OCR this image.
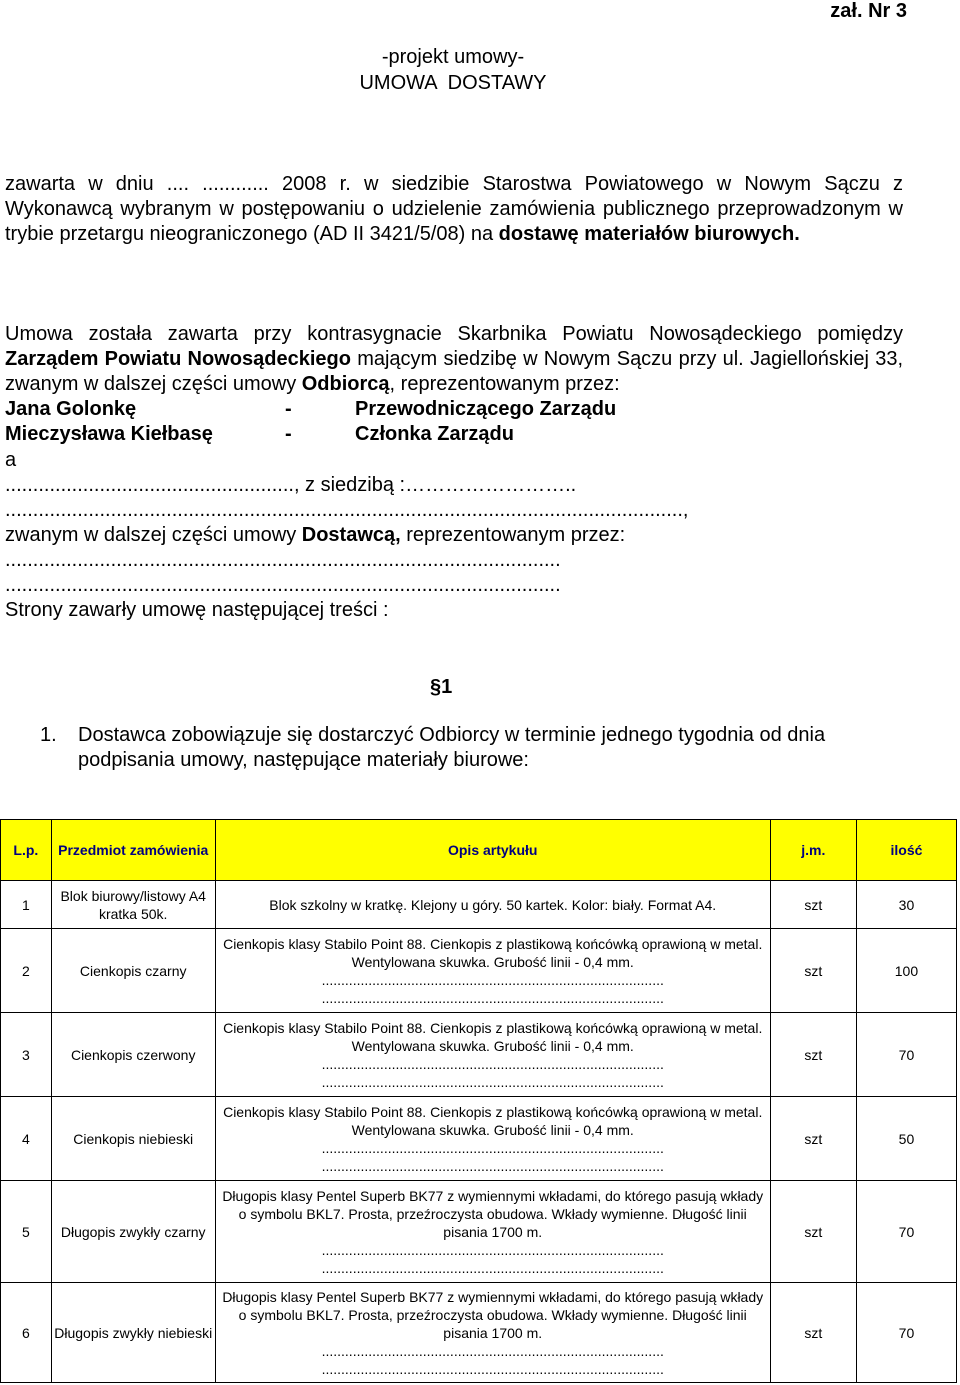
zał. Nr 3
-projekt umowy-
UMOWA  DOSTAWY
zawarta w dniu .... ............ 2008 r. w siedzibie Starostwa Powiatowego w Nowym Sączu z Wykonawcą wybranym w postępowaniu o udzielenie zamówienia publicznego przeprowadzonym w trybie przetargu nieograniczonego (AD II 3421/5/08) na dostawę materiałów biurowych.
Umowa została zawarta przy kontrasygnacie Skarbnika Powiatu Nowosądeckiego pomiędzy Zarządem Powiatu Nowosądeckiego mającym siedzibę w Nowym Sączu przy ul. Jagiellońskiej 33, zwanym w dalszej części umowy Odbiorcą, reprezentowanym przez:
Jana Golonkę	-	Przewodniczącego Zarządu
Mieczysława Kiełbasę	-	Członka Zarządu
a
...................................................., z siedzibą :……………………..
..........................................................................................................................,
zwanym w dalszej części umowy Dostawcą, reprezentowanym przez:
....................................................................................................
....................................................................................................
Strony zawarły umowę następującej treści :
§1
1. Dostawca zobowiązuje się dostarczyć Odbiorcy w terminie jednego tygodnia od dnia podpisania umowy, następujące materiały biurowe:
L.p.	Przedmiot zamówienia	Opis artykułu	j.m.	ilość
1	Blok biurowy/listowy A4 kratka 50k.	Blok szkolny w kratkę. Klejony u góry. 50 kartek. Kolor: biały. Format A4.	szt	30
2	Cienkopis czarny	Cienkopis klasy Stabilo Point 88. Cienkopis z plastikową końcówką oprawioną w metal. Wentylowana skuwka. Grubość linii - 0,4 mm.
........................................................................................
........................................................................................	szt	100
3	Cienkopis czerwony	Cienkopis klasy Stabilo Point 88. Cienkopis z plastikową końcówką oprawioną w metal. Wentylowana skuwka. Grubość linii - 0,4 mm.
........................................................................................
........................................................................................	szt	70
4	Cienkopis niebieski	Cienkopis klasy Stabilo Point 88. Cienkopis z plastikową końcówką oprawioną w metal. Wentylowana skuwka. Grubość linii - 0,4 mm.
........................................................................................
........................................................................................	szt	50
5	Długopis zwykły czarny	Długopis klasy Pentel Superb BK77 z wymiennymi wkładami, do którego pasują wkłady o symbolu BKL7. Prosta, przeźroczysta obudowa. Wkłady wymienne. Długość linii pisania 1700 m.
........................................................................................
........................................................................................	szt	70
6	Długopis zwykły niebieski	Długopis klasy Pentel Superb BK77 z wymiennymi wkładami, do którego pasują wkłady o symbolu BKL7. Prosta, przeźroczysta obudowa. Wkłady wymienne. Długość linii pisania 1700 m.
........................................................................................
........................................................................................	szt	70
